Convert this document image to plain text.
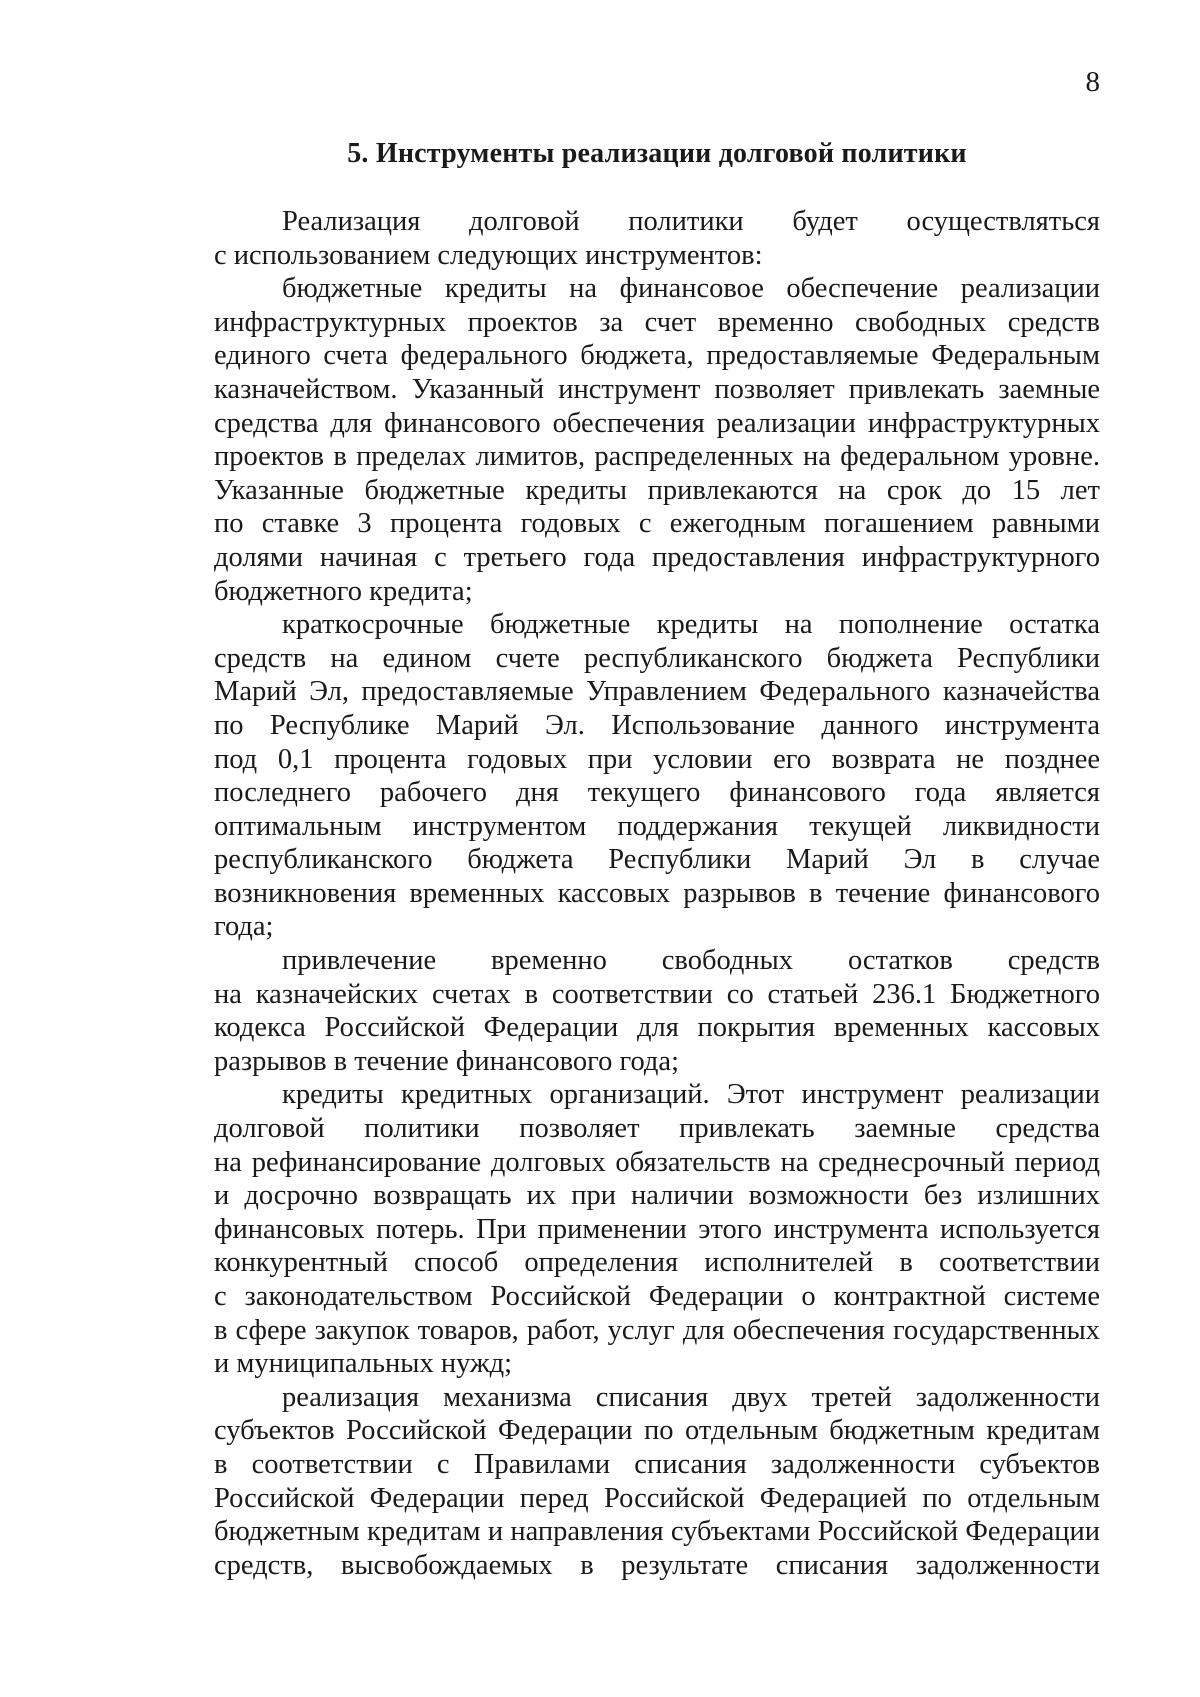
8
5. Инструменты реализации долговой политики
Реализация долговой политики будет осуществляться
с использованием следующих инструментов:
бюджетные кредиты на финансовое обеспечение реализации
инфраструктурных проектов за счет временно свободных средств
единого счета федерального бюджета, предоставляемые Федеральным
казначейством. Указанный инструмент позволяет привлекать заемные
средства для финансового обеспечения реализации инфраструктурных
проектов в пределах лимитов, распределенных на федеральном уровне.
Указанные бюджетные кредиты привлекаются на срок до 15 лет
по ставке 3 процента годовых с ежегодным погашением равными
долями начиная с третьего года предоставления инфраструктурного
бюджетного кредита;
краткосрочные бюджетные кредиты на пополнение остатка
средств на едином счете республиканского бюджета Республики
Марий Эл, предоставляемые Управлением Федерального казначейства
по Республике Марий Эл. Использование данного инструмента
под 0,1 процента годовых при условии его возврата не позднее
последнего рабочего дня текущего финансового года является
оптимальным инструментом поддержания текущей ликвидности
республиканского бюджета Республики Марий Эл в случае
возникновения временных кассовых разрывов в течение финансового
года;
привлечение временно свободных остатков средств
на казначейских счетах в соответствии со статьей 236.1 Бюджетного
кодекса Российской Федерации для покрытия временных кассовых
разрывов в течение финансового года;
кредиты кредитных организаций. Этот инструмент реализации
долговой политики позволяет привлекать заемные средства
на рефинансирование долговых обязательств на среднесрочный период
и досрочно возвращать их при наличии возможности без излишних
финансовых потерь. При применении этого инструмента используется
конкурентный способ определения исполнителей в соответствии
с законодательством Российской Федерации о контрактной системе
в сфере закупок товаров, работ, услуг для обеспечения государственных
и муниципальных нужд;
реализация механизма списания двух третей задолженности
субъектов Российской Федерации по отдельным бюджетным кредитам
в соответствии с Правилами списания задолженности субъектов
Российской Федерации перед Российской Федерацией по отдельным
бюджетным кредитам и направления субъектами Российской Федерации
средств, высвобождаемых в результате списания задолженности
